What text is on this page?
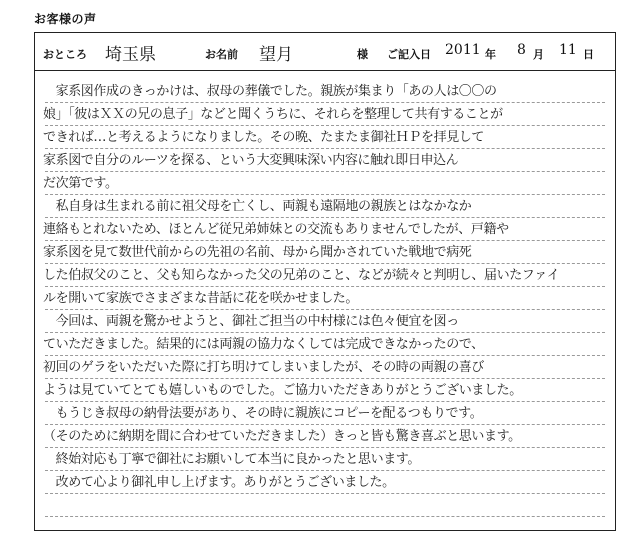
お客様の声
おところ 埼玉県	お名前 望月	様 ご記入日 2011 年 8 月 11 日
　家系図作成のきっかけは、叔母の葬儀でした。親族が集まり「あの人は〇〇の
娘」「彼はＸＸの兄の息子」などと聞くうちに、それらを整理して共有することが
できれば…と考えるようになりました。その晩、たまたま御社ＨＰを拝見して
家系図で自分のルーツを探る、という大変興味深い内容に触れ即日申込ん
だ次第です。
　私自身は生まれる前に祖父母を亡くし、両親も遠隔地の親族とはなかなか
連絡もとれないため、ほとんど従兄弟姉妹との交流もありませんでしたが、戸籍や
家系図を見て数世代前からの先祖の名前、母から聞かされていた戦地で病死
した伯叔父のこと、父も知らなかった父の兄弟のこと、などが続々と判明し、届いたファイ
ルを開いて家族でさまざまな昔話に花を咲かせました。
　今回は、両親を驚かせようと、御社ご担当の中村様には色々便宜を図っ
ていただきました。結果的には両親の協力なくしては完成できなかったので、
初回のゲラをいただいた際に打ち明けてしまいましたが、その時の両親の喜び
ようは見ていてとても嬉しいものでした。ご協力いただきありがとうございました。
　もうじき叔母の納骨法要があり、その時に親族にコピーを配るつもりです。
（そのために納期を間に合わせていただきました）きっと皆も驚き喜ぶと思います。
　終始対応も丁寧で御社にお願いして本当に良かったと思います。
　改めて心より御礼申し上げます。ありがとうございました。
